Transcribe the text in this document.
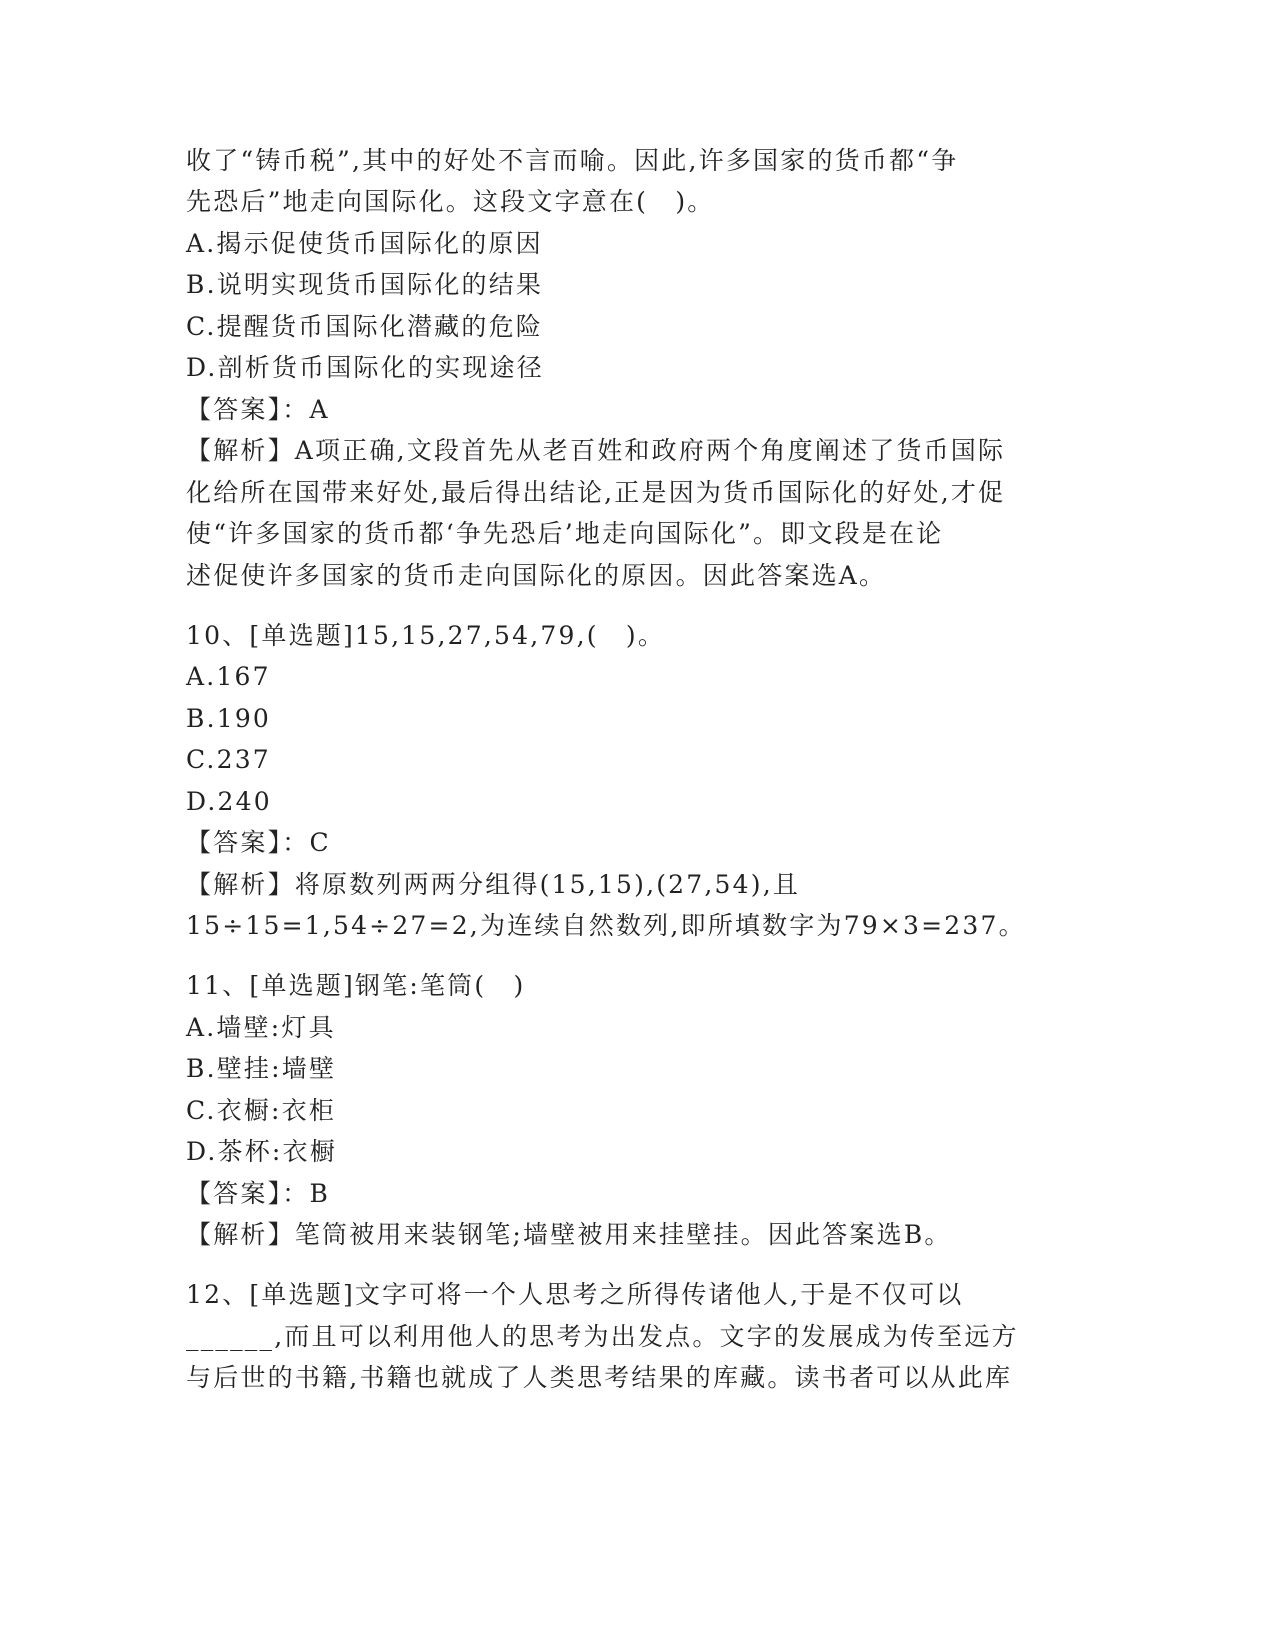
收了“铸币税”,其中的好处不言而喻。因此,许多国家的货币都“争
先恐后”地走向国际化。这段文字意在(　)。
A.揭示促使货币国际化的原因
B.说明实现货币国际化的结果
C.提醒货币国际化潜藏的危险
D.剖析货币国际化的实现途径
【答案】：A
【解析】A项正确,文段首先从老百姓和政府两个角度阐述了货币国际
化给所在国带来好处,最后得出结论,正是因为货币国际化的好处,才促
使“许多国家的货币都‘争先恐后’地走向国际化”。即文段是在论
述促使许多国家的货币走向国际化的原因。因此答案选A。
10、[单选题]15,15,27,54,79,(　)。
A.167
B.190
C.237
D.240
【答案】：C
【解析】将原数列两两分组得(15,15),(27,54),且
15÷15=1,54÷27=2,为连续自然数列,即所填数字为79×3=237。
11、[单选题]钢笔:笔筒(　)
A.墙壁:灯具
B.壁挂:墙壁
C.衣橱:衣柜
D.茶杯:衣橱
【答案】：B
【解析】笔筒被用来装钢笔;墙壁被用来挂壁挂。因此答案选B。
12、[单选题]文字可将一个人思考之所得传诸他人,于是不仅可以
______,而且可以利用他人的思考为出发点。文字的发展成为传至远方
与后世的书籍,书籍也就成了人类思考结果的库藏。读书者可以从此库
